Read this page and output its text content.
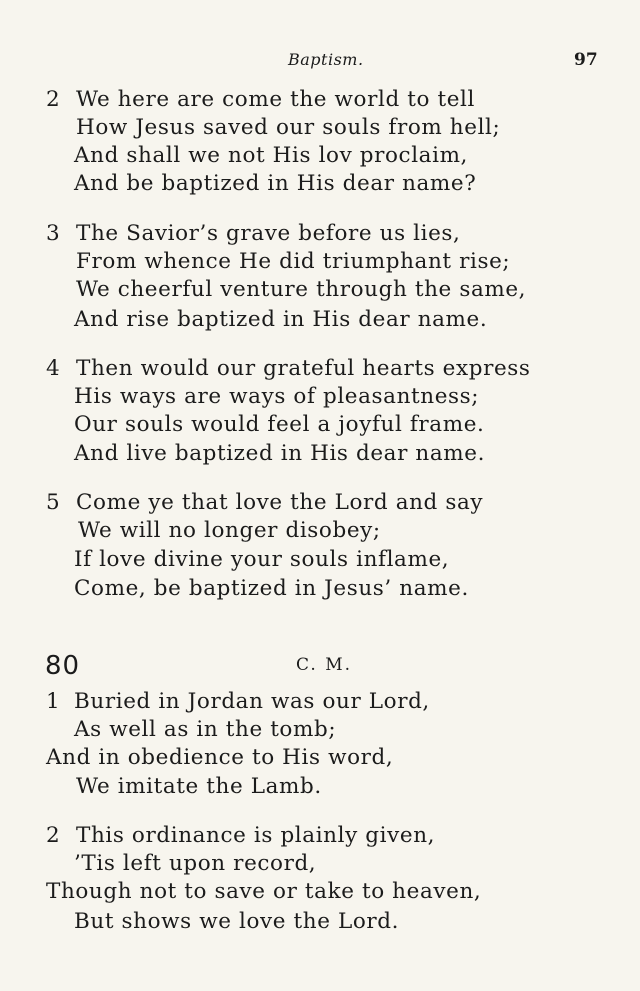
Baptism.	97
2 We here are come the world to tell
How Jesus saved our souls from hell;
And shall we not His lov proclaim,
And be baptized in His dear name?
3 The Savior’s grave before us lies,
From whence He did triumphant rise;
We cheerful venture through the same,
And rise baptized in His dear name.
4 Then would our grateful hearts express
His ways are ways of pleasantness;
Our souls would feel a joyful frame.
And live baptized in His dear name.
5 Come ye that love the Lord and say
We will no longer disobey;
If love divine your souls inflame,
Come, be baptized in Jesus’ name.
80	C. M.
1 Buried in Jordan was our Lord,
As well as in the tomb;
And in obedience to His word,
We imitate the Lamb.
2 This ordinance is plainly given,
’Tis left upon record,
Though not to save or take to heaven,
But shows we love the Lord.
